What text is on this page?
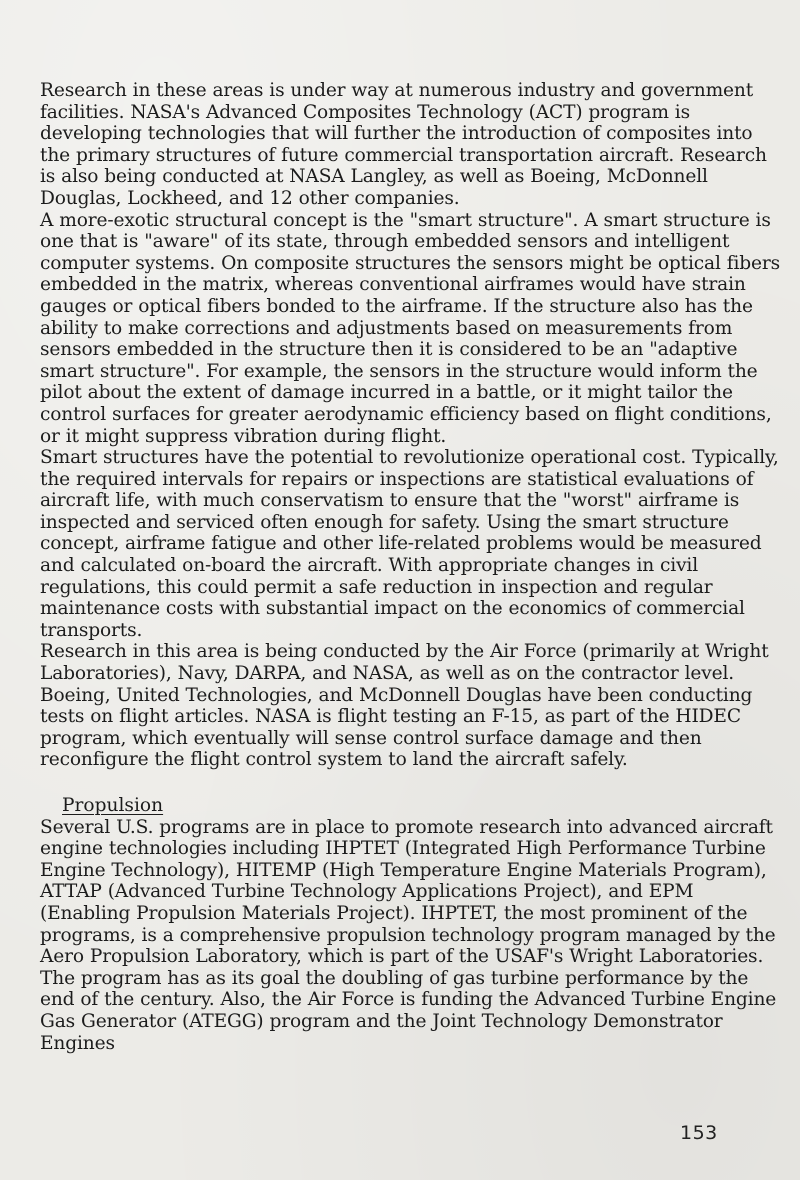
Research in these areas is under way at numerous industry and government facilities. NASA's Advanced Composites Technology (ACT) program is developing technologies that will further the introduction of composites into the primary structures of future commercial transportation aircraft. Research is also being conducted at NASA Langley, as well as Boeing, McDonnell Douglas, Lockheed, and 12 other companies.

A more-exotic structural concept is the "smart structure". A smart structure is one that is "aware" of its state, through embedded sensors and intelligent computer systems. On composite structures the sensors might be optical fibers embedded in the matrix, whereas conventional airframes would have strain gauges or optical fibers bonded to the airframe. If the structure also has the ability to make corrections and adjustments based on measurements from sensors embedded in the structure then it is considered to be an "adaptive smart structure". For example, the sensors in the structure would inform the pilot about the extent of damage incurred in a battle, or it might tailor the control surfaces for greater aerodynamic efficiency based on flight conditions, or it might suppress vibration during flight.

Smart structures have the potential to revolutionize operational cost. Typically, the required intervals for repairs or inspections are statistical evaluations of aircraft life, with much conservatism to ensure that the "worst" airframe is inspected and serviced often enough for safety. Using the smart structure concept, airframe fatigue and other life-related problems would be measured and calculated on-board the aircraft. With appropriate changes in civil regulations, this could permit a safe reduction in inspection and regular maintenance costs with substantial impact on the economics of commercial transports.

Research in this area is being conducted by the Air Force (primarily at Wright Laboratories), Navy, DARPA, and NASA, as well as on the contractor level. Boeing, United Technologies, and McDonnell Douglas have been conducting tests on flight articles. NASA is flight testing an F-15, as part of the HIDEC program, which eventually will sense control surface damage and then reconfigure the flight control system to land the aircraft safely.

Propulsion

Several U.S. programs are in place to promote research into advanced aircraft engine technologies including IHPTET (Integrated High Performance Turbine Engine Technology), HITEMP (High Temperature Engine Materials Program), ATTAP (Advanced Turbine Technology Applications Project), and EPM (Enabling Propulsion Materials Project). IHPTET, the most prominent of the programs, is a comprehensive propulsion technology program managed by the Aero Propulsion Laboratory, which is part of the USAF's Wright Laboratories. The program has as its goal the doubling of gas turbine performance by the end of the century. Also, the Air Force is funding the Advanced Turbine Engine Gas Generator (ATEGG) program and the Joint Technology Demonstrator Engines

153
